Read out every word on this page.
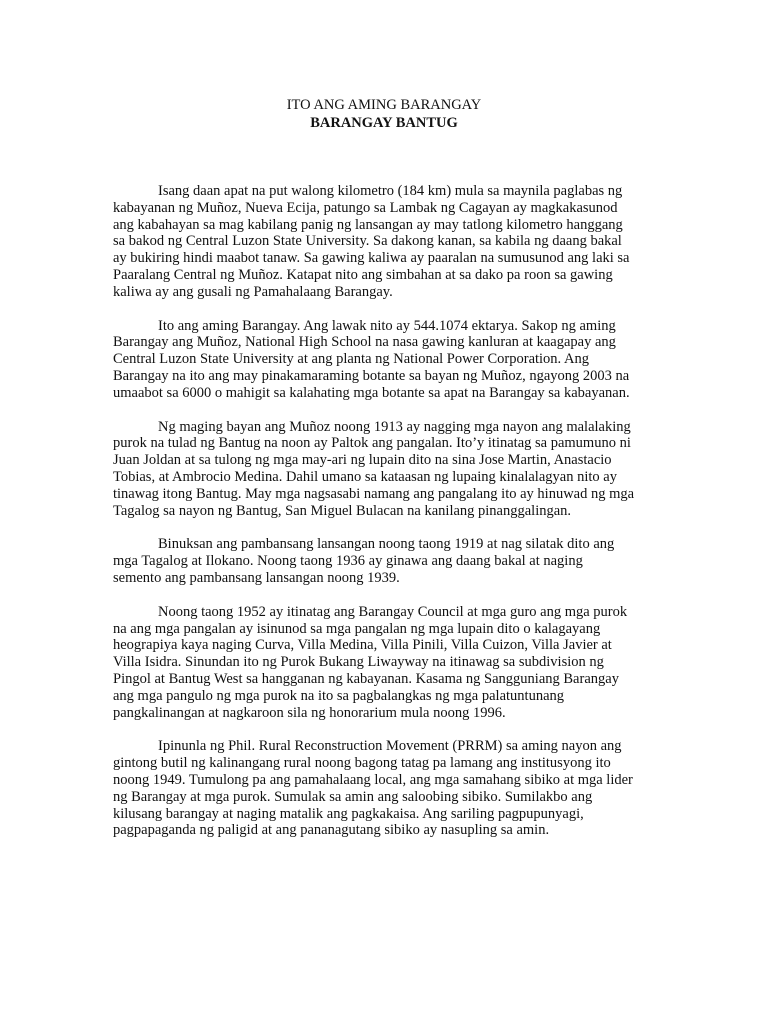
ITO ANG AMING BARANGAY
BARANGAY BANTUG
Isang daan apat na put walong kilometro (184 km) mula sa maynila paglabas ng
kabayanan ng Muñoz, Nueva Ecija, patungo sa Lambak ng Cagayan ay magkakasunod
ang kabahayan sa mag kabilang panig ng lansangan ay may tatlong kilometro hanggang
sa bakod ng Central Luzon State University. Sa dakong kanan, sa kabila ng daang bakal
ay bukiring hindi maabot tanaw. Sa gawing kaliwa ay paaralan na sumusunod ang laki sa
Paaralang Central ng Muñoz. Katapat nito ang simbahan at sa dako pa roon sa gawing
kaliwa ay ang gusali ng Pamahalaang Barangay.
Ito ang aming Barangay. Ang lawak nito ay 544.1074 ektarya. Sakop ng aming
Barangay ang Muñoz, National High School na nasa gawing kanluran at kaagapay ang
Central Luzon State University at ang planta ng National Power Corporation. Ang
Barangay na ito ang may pinakamaraming botante sa bayan ng Muñoz, ngayong 2003 na
umaabot sa 6000 o mahigit sa kalahating mga botante sa apat na Barangay sa kabayanan.
Ng maging bayan ang Muñoz noong 1913 ay nagging mga nayon ang malalaking
purok na tulad ng Bantug na noon ay Paltok ang pangalan. Ito’y itinatag sa pamumuno ni
Juan Joldan at sa tulong ng mga may-ari ng lupain dito na sina Jose Martin, Anastacio
Tobias, at Ambrocio Medina. Dahil umano sa kataasan ng lupaing kinalalagyan nito ay
tinawag itong Bantug. May mga nagsasabi namang ang pangalang ito ay hinuwad ng mga
Tagalog sa nayon ng Bantug, San Miguel Bulacan na kanilang pinanggalingan.
Binuksan ang pambansang lansangan noong taong 1919 at nag silatak dito ang
mga Tagalog at Ilokano. Noong taong 1936 ay ginawa ang daang bakal at naging
semento ang pambansang lansangan noong 1939.
Noong taong 1952 ay itinatag ang Barangay Council at mga guro ang mga purok
na ang mga pangalan ay isinunod sa mga pangalan ng mga lupain dito o kalagayang
heograpiya kaya naging Curva, Villa Medina, Villa Pinili, Villa Cuizon, Villa Javier at
Villa Isidra. Sinundan ito ng Purok Bukang Liwayway na itinawag sa subdivision ng
Pingol at Bantug West sa hangganan ng kabayanan. Kasama ng Sangguniang Barangay
ang mga pangulo ng mga purok na ito sa pagbalangkas ng mga palatuntunang
pangkalinangan at nagkaroon sila ng honorarium mula noong 1996.
Ipinunla ng Phil. Rural Reconstruction Movement (PRRM) sa aming nayon ang
gintong butil ng kalinangang rural noong bagong tatag pa lamang ang institusyong ito
noong 1949. Tumulong pa ang pamahalaang local, ang mga samahang sibiko at mga lider
ng Barangay at mga purok. Sumulak sa amin ang saloobing sibiko. Sumilakbo ang
kilusang barangay at naging matalik ang pagkakaisa. Ang sariling pagpupunyagi,
pagpapaganda ng paligid at ang pananagutang sibiko ay nasupling sa amin.
